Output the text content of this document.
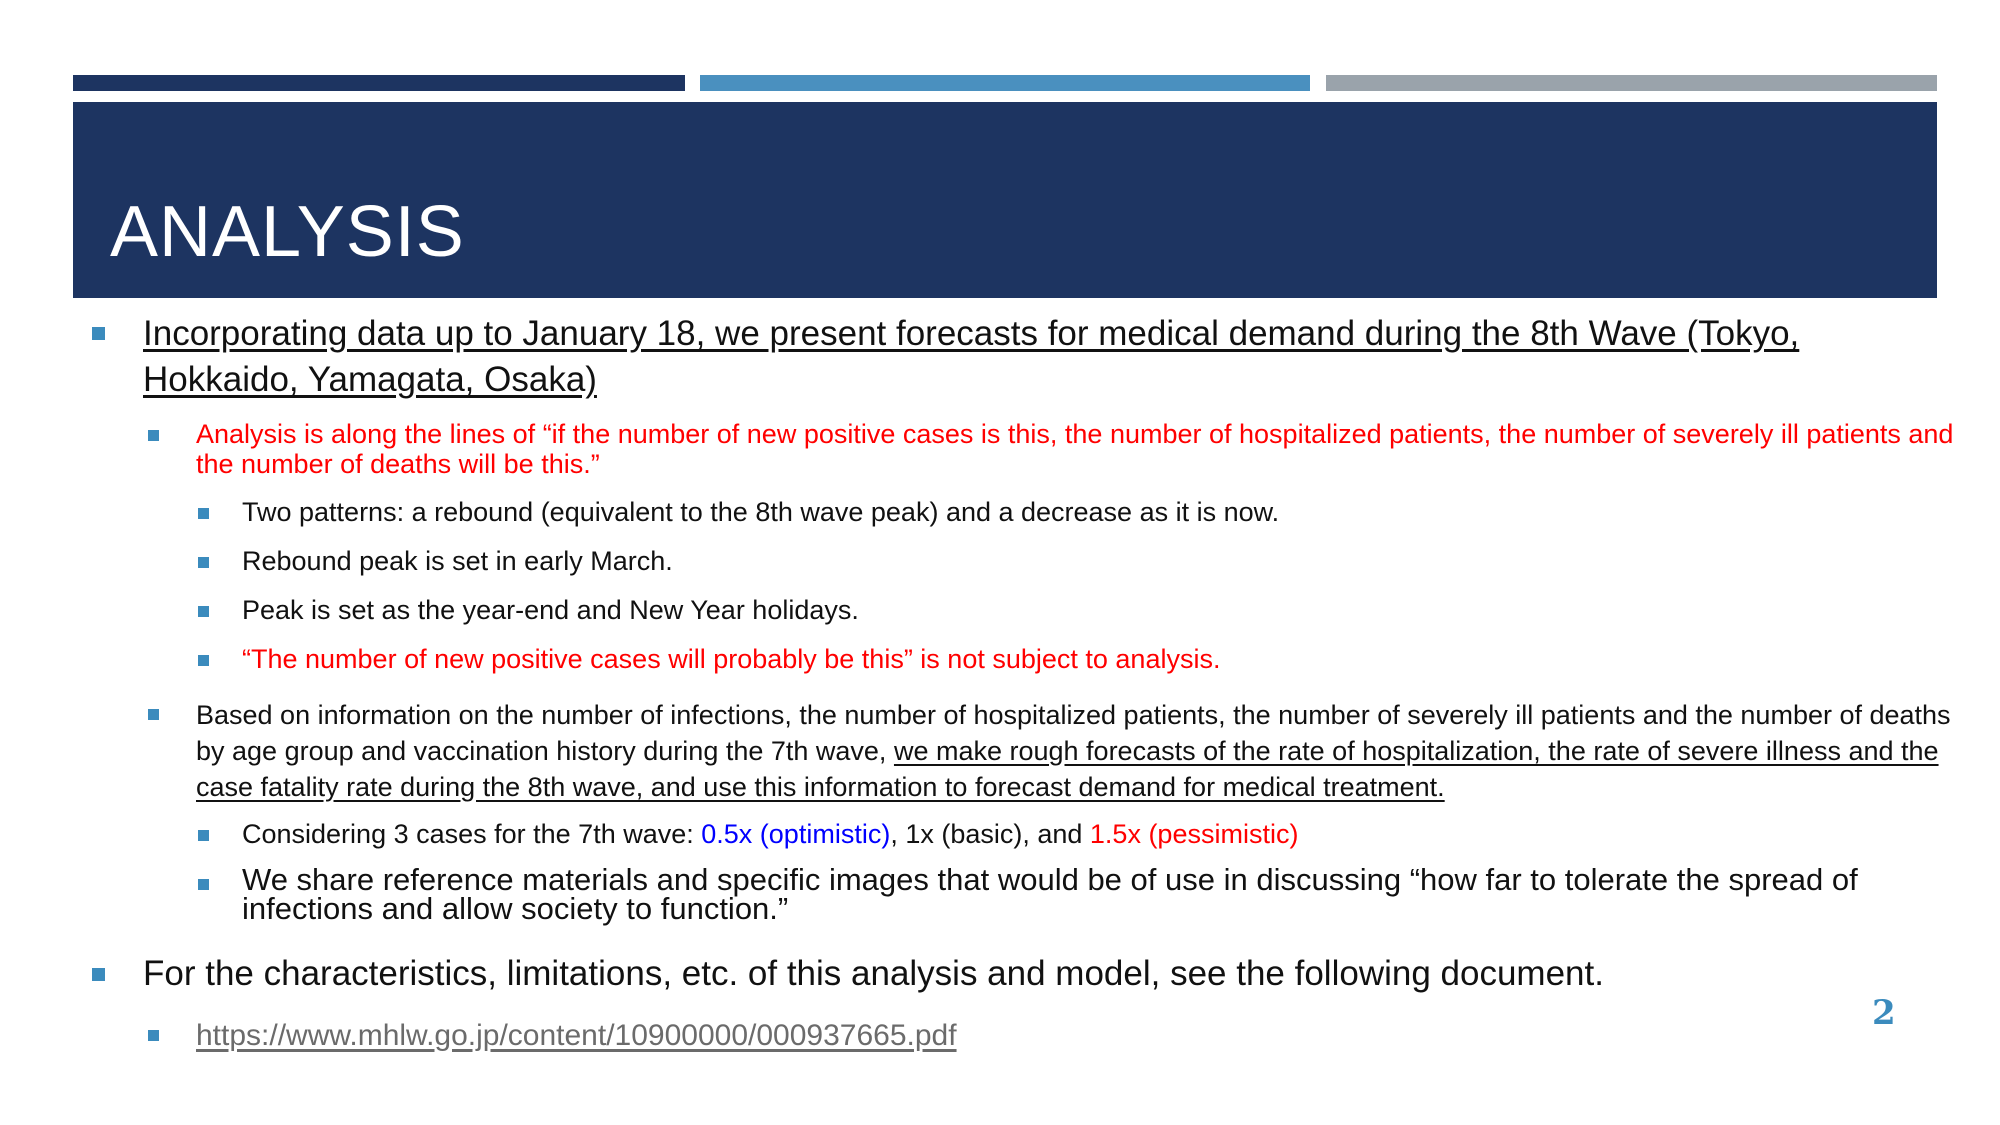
ANALYSIS
Incorporating data up to January 18, we present forecasts for medical demand during the 8th Wave (Tokyo, Hokkaido, Yamagata, Osaka)
Analysis is along the lines of “if the number of new positive cases is this, the number of hospitalized patients, the number of severely ill patients and the number of deaths will be this.”
Two patterns: a rebound (equivalent to the 8th wave peak) and a decrease as it is now.
Rebound peak is set in early March.
Peak is set as the year-end and New Year holidays.
“The number of new positive cases will probably be this” is not subject to analysis.
Based on information on the number of infections, the number of hospitalized patients, the number of severely ill patients and the number of deaths by age group and vaccination history during the 7th wave, we make rough forecasts of the rate of hospitalization, the rate of severe illness and the case fatality rate during the 8th wave, and use this information to forecast demand for medical treatment.
Considering 3 cases for the 7th wave: 0.5x (optimistic), 1x (basic), and 1.5x (pessimistic)
We share reference materials and specific images that would be of use in discussing “how far to tolerate the spread of infections and allow society to function.”
For the characteristics, limitations, etc. of this analysis and model, see the following document.
https://www.mhlw.go.jp/content/10900000/000937665.pdf
2
